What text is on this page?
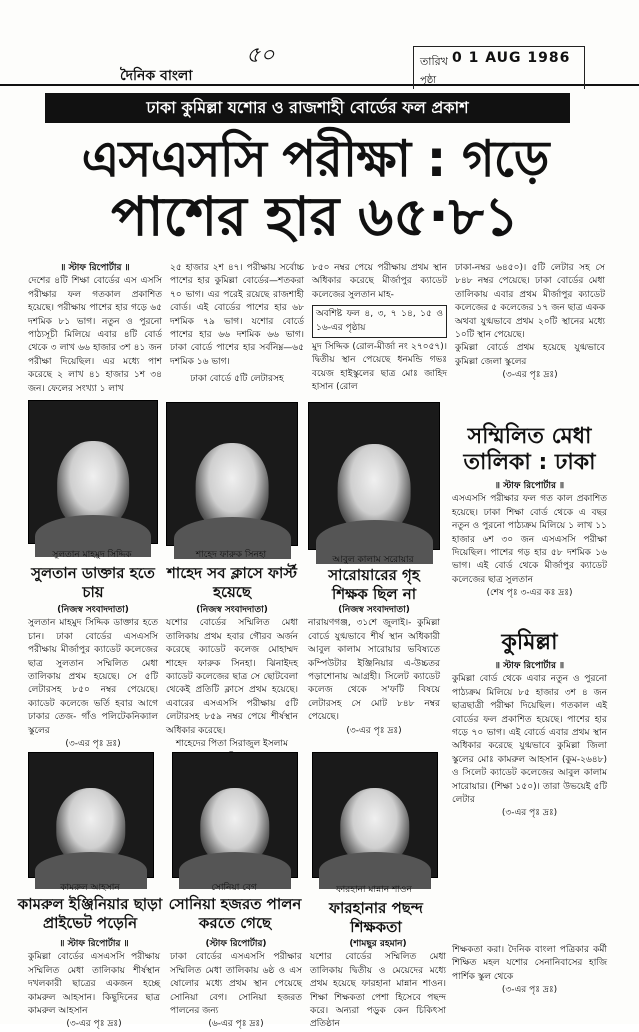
৫০
দৈনিক বাংলা
তারিখ 0 1 AUG 1986
পৃষ্ঠা
ঢাকা কুমিল্লা যশোর ও রাজশাহী বোর্ডের ফল প্রকাশ
এসএসসি পরীক্ষা : গড়ে
পাশের হার ৬৫·৮১
॥ স্টাফ রিপোর্টার ॥
দেশের ৪টি শিক্ষা বোর্ডের এস এসসি পরীক্ষার ফল গতকাল প্রকাশিত হয়েছে। পরীক্ষায় পাশের হার গড়ে ৬৫ দশমিক ৮১ ভাগ। নতুন ও পুরনো পাঠ্যসূচী মিলিয়ে এবার ৪টি বোর্ড থেকে ৩ লাখ ৬৬ হাজার ৩শ ৪১ জন পরীক্ষা দিয়েছিল। এর মধ্যে পাশ করেছে ২ লাখ ৪১ হাজার ১শ ৩৪ জন। ফেলের সংখ্যা ১ লাখ
২৫ হাজার ২শ ৪৭। পরীক্ষায় সর্বোচ্চ পাশের হার কুমিল্লা বোর্ডের—শতকরা ৭০ ভাগ। এর পরেই রয়েছে রাজশাহী বোর্ড। এই বোর্ডের পাশের হার ৬৮ দশমিক ৭৯ ভাগ। যশোর বোর্ডে পাশের হার ৬৬ দশমিক ৬৬ ভাগ। ঢাকা বোর্ডে পাশের হার সর্বনিম্ন—৬৫ দশমিক ১৬ ভাগ।
ঢাকা বোর্ডে ৫টি লেটারসহ
৮৫০ নম্বর পেয়ে পরীক্ষায় প্রথম স্থান অধিকার করেছে মীর্জাপুর ক্যাডেট কলেজের সুলতান মাহ-
অবশিষ্ট ফল ৪, ৩, ৭ ১৪, ১৫ ও ১৬-এর পৃষ্ঠায়
মুদ সিদ্দিক (রোল-মীর্জা নং ২৭০৫৭)। দ্বিতীয় স্থান পেয়েছে ধনমন্ডি গভঃ বয়েজ হাইস্কুলের ছাত্র মোঃ জাহিদ হাসান (রোল
ঢাকা-নম্বর ৬৪৫০)। ৫টি লেটার সহ সে ৮৪৮ নম্বর পেয়েছে। ঢাকা বোর্ডের মেধা তালিকায় এবার প্রথম মীর্জাপুর ক্যাডেট কলেজের ৫ কলেজের ১৭ জন ছাত্র একক অথবা যুগ্মভাবে প্রথম ২০টি স্থানের মধ্যে ১০টি স্থান পেয়েছে।
কুমিল্লা বোর্ডে প্রথম হয়েছে যুগ্মভাবে কুমিল্লা জেলা স্কুলের
(৩-এর পৃঃ দ্রঃ)
সুলতান মাহমুদ সিদ্দিক	শাহেদ ফারুক সিনহা	আবুল কালাম সরোয়ার
সুলতান ডাক্তার হতে চায়
শাহেদ সব ক্লাসে ফার্স্ট হয়েছে
সারোয়ারের গৃহ শিক্ষক ছিল না
(নিজস্ব সংবাদদাতা)
সুলতান মাহমুদ সিদ্দিক ডাক্তার হতে চান। ঢাকা বোর্ডের এসএসসি পরীক্ষায় মীর্জাপুর ক্যাডেট কলেজের ছাত্র সুলতান সম্মিলিত মেধা তালিকায় প্রথম হয়েছে। সে ৫টি লেটারসহ ৮৫০ নম্বর পেয়েছে। ক্যাডেট কলেজে ভর্তি হবার আগে ঢাকার তেজ- গাঁও পলিটেকনিক্যাল স্কুলের
(৩-এর পৃঃ দ্রঃ)
(নিজস্ব সংবাদদাতা)
যশোর বোর্ডের সম্মিলিত মেধা তালিকায় প্রথম হবার গৌরব অর্জন করেছে ক্যাডেট কলেজ মোহাম্মদ শাহেদ ফারুক সিনহা। ঝিনাইদহ ক্যাডেট কলেজের ছাত্র সে ছোটবেলা থেকেই প্রতিটি ক্লাসে প্রথম হয়েছে। এবারের এসএসসি পরীক্ষায় ৫টি লেটারসহ ৮৫৯ নম্বর পেয়ে শীর্ষস্থান অধিকার করেছে।
শাহেদের পিতা সিরাজুল ইসলাম
(নিজস্ব সংবাদদাতা)
নারায়ণগঞ্জ, ৩১শে জুলাই।- কুমিল্লা বোর্ডে যুগ্মভাবে শীর্ষ স্থান অধিকারী আবুল কালাম সারোয়ার ভবিষ্যতে কম্পিউটার ইঞ্জিনিয়ার এ-উচ্চতর পড়াশোনায় আগ্রহী। সিলেট ক্যাডেট কলেজ থেকে স'ফটি বিষয়ে লেটারসহ সে মোট ৮৪৮ নম্বর পেয়েছে।
(৩-এর পৃঃ দ্রঃ)
সম্মিলিত মেধা তালিকা : ঢাকা
॥ স্টাফ রিপোর্টার ॥
এসএসসি পরীক্ষার ফল গত কাল প্রকাশিত হয়েছে। ঢাকা শিক্ষা বোর্ড থেকে এ বছর নতুন ও পুরনো পাঠ্যক্রম মিলিয়ে ১ লাখ ১১ হাজার ৬শ ৩০ জন এসএসসি পরীক্ষা দিয়েছিল। পাশের গড় হার ৫৮ দশমিক ১৬ ভাগ। এই বোর্ড থেকে মীর্জাপুর ক্যাডেট কলেজের ছাত্র সুলতান
(শেষ পৃঃ ৩-এর কঃ দ্রঃ)
কুমিল্লা
॥ স্টাফ রিপোর্টার ॥
কুমিল্লা বোর্ড থেকে এবার নতুন ও পুরনো পাঠ্যক্রম মিলিয়ে ৮৫ হাজার ৩শ ৪ জন ছাত্রছাত্রী পরীক্ষা দিয়েছিল। গতকাল এই বোর্ডের ফল প্রকাশিত হয়েছে। পাশের হার গড়ে ৭০ ভাগ। এই বোর্ডে এবার প্রথম স্থান অধিকার করেছে যুগ্মভাবে কুমিল্লা জিলা স্কুলের মোঃ কামরুল আহসান (কুম-২৬৪৮) ও সিলেট ক্যাডেট কলেজের আবুল কালাম সারোয়ার। (শিক্ষা ১৫০)। তারা উভয়েই ৫টি লেটার
(৩-এর পৃঃ দ্রঃ)
কামরুল আহসান	সোনিয়া বেগ	ফারহানা মান্নান শাওন
কামরুল ইঞ্জিনিয়ার ছাড়া প্রাইভেট পড়েনি
সোনিয়া হজরত পালন করতে গেছে
ফারহানার পছন্দ শিক্ষকতা
॥ স্টাফ রিপোর্টার ॥
কুমিল্লা বোর্ডের এসএসসি পরীক্ষায় সম্মিলিত মেধা তালিকায় শীর্ষস্থান দখলকারী ছাত্রের একজন হচ্ছে কামরুল আহসান। কিছুদিনের ছাত্র কামরুল আহসান
(৩-এর পৃঃ দ্রঃ)
(স্টাফ রিপোর্টার)
ঢাকা বোর্ডের এসএসসি পরীক্ষার সম্মিলিত মেধা তালিকায় ৬ষ্ঠ ও এস ষোলোর মধ্যে প্রথম স্থান পেয়েছে সোনিয়া বেগ। সোনিয়া হজরত পালনের জন্য
(৬-এর পৃঃ দ্রঃ)
(শামছুর রহমান)
যশোর বোর্ডের সম্মিলিত মেধা তালিকায় দ্বিতীয় ও মেয়েদের মধ্যে প্রথম হয়েছে ফারহানা মান্নান শাওন। শিক্ষা শিক্ষকতা পেশা হিসেবে পছন্দ করে। অন্যরা পড়ুক কেন চিকিৎসা প্রতিষ্ঠান
শিক্ষকতা করা। দৈনিক বাংলা পত্রিকার কর্মী শিক্ষিত মহল যশোর সেনানিবাসের হাজি পার্শিক স্কুল থেকে
(৩-এর পৃঃ দ্রঃ)
